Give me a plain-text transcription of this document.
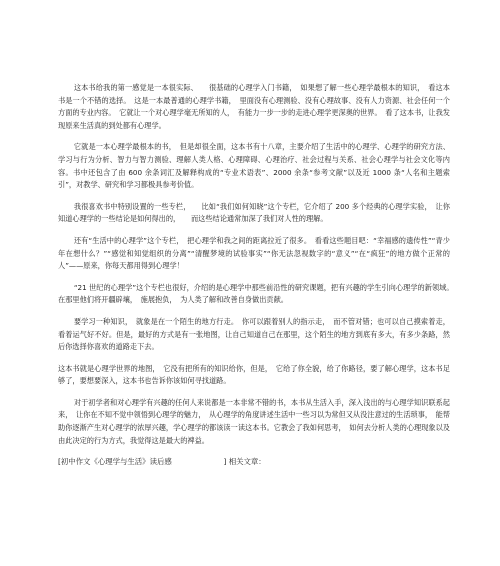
这本书给我的第一感觉是一本很实际、　　很基础的心理学入门书籍，　如果想了解一些心理学最根本的知识，　看这本书是一个不错的选择。　这是一本最普通的心理学书籍，　里面没有心理测验、没有心理故事、没有人力资源、社会任何一个方面的专业内容。　它就让一个对心理学毫无所知的人，　有能力一步一步的走进心理学更深奥的世界。　看了这本书，让我发现原来生活真的到处都有心理学。

它就是一本心理学最根本的书，　但是却很全面，这本书有十八章，主要介绍了生活中的心理学、心理学的研究方法、学习与行为分析、智力与智力测验、理解人类人格、心理障碍、心理治疗、社会过程与关系、社会心理学与社会文化等内容。书中还包含了由 600 余条词汇及解释构成的“专业术语表”、2000 余条“参考文献”以及近 1000 条“人名和主题索引”，对教学、研究和学习都极具参考价值。

我很喜欢书中特别设置的一些专栏，　　比如“我们如何知晓”这个专栏，它介绍了 200 多个经典的心理学实验，　让你知道心理学的一些结论是如何得出的，　　而这些结论通常加深了我们对人性的理解。

还有“生活中的心理学”这个专栏，　把心理学和我之间的距离拉近了很多。　看看这些题目吧：“幸福感的遗传性”“青少年在想什么？”“感觉和知觉组织的分离”“清醒梦境的试验事实”“你无法忽视数字的“意义”“在“疯狂”的地方做个正常的人”——原来，你每天都用得到心理学！

“21 世纪的心理学”这个专栏也很好，介绍的是心理学中那些前沿性的研究课题，把有兴趣的学生引向心理学的新领域。　在那里他们将开疆辟壤，　施展抱负，　为人类了解和改善自身做出贡献。

要学习一种知识，　就象是在一个陌生的地方行走。　你可以跟着别人的指示走，　而不管对错；也可以自己摸索着走，看着运气好不好。但是，最好的方式是有一张地图，让自己知道自己在那里，这个陌生的地方到底有多大，有多少条路，然后你选择你喜欢的道路走下去。

这本书就是心理学世界的地图，　它没有把所有的知识给你，但是，　它给了你全貌，给了你路径，要了解心理学，这本书足够了，要想要深入，这本书也告诉你该如何寻找道路。

对于初学者和对心理学有兴趣的任何人来说都是一本非常不错的书，本书从生活入手，深入浅出的与心理学知识联系起来，　让你在不知不觉中领悟到心理学的魅力，　从心理学的角度讲述生活中一些习以为常但又从没注意过的生活琐事，　能帮助你逐渐产生对心理学的浓厚兴趣，学心理学的都该读一读这本书。它教会了我如何思考，　如何去分析人类的心理现象以及由此决定的行为方式，我觉得这是最大的裨益。

[初中作文《心理学与生活》读后感	] 相关文章：
